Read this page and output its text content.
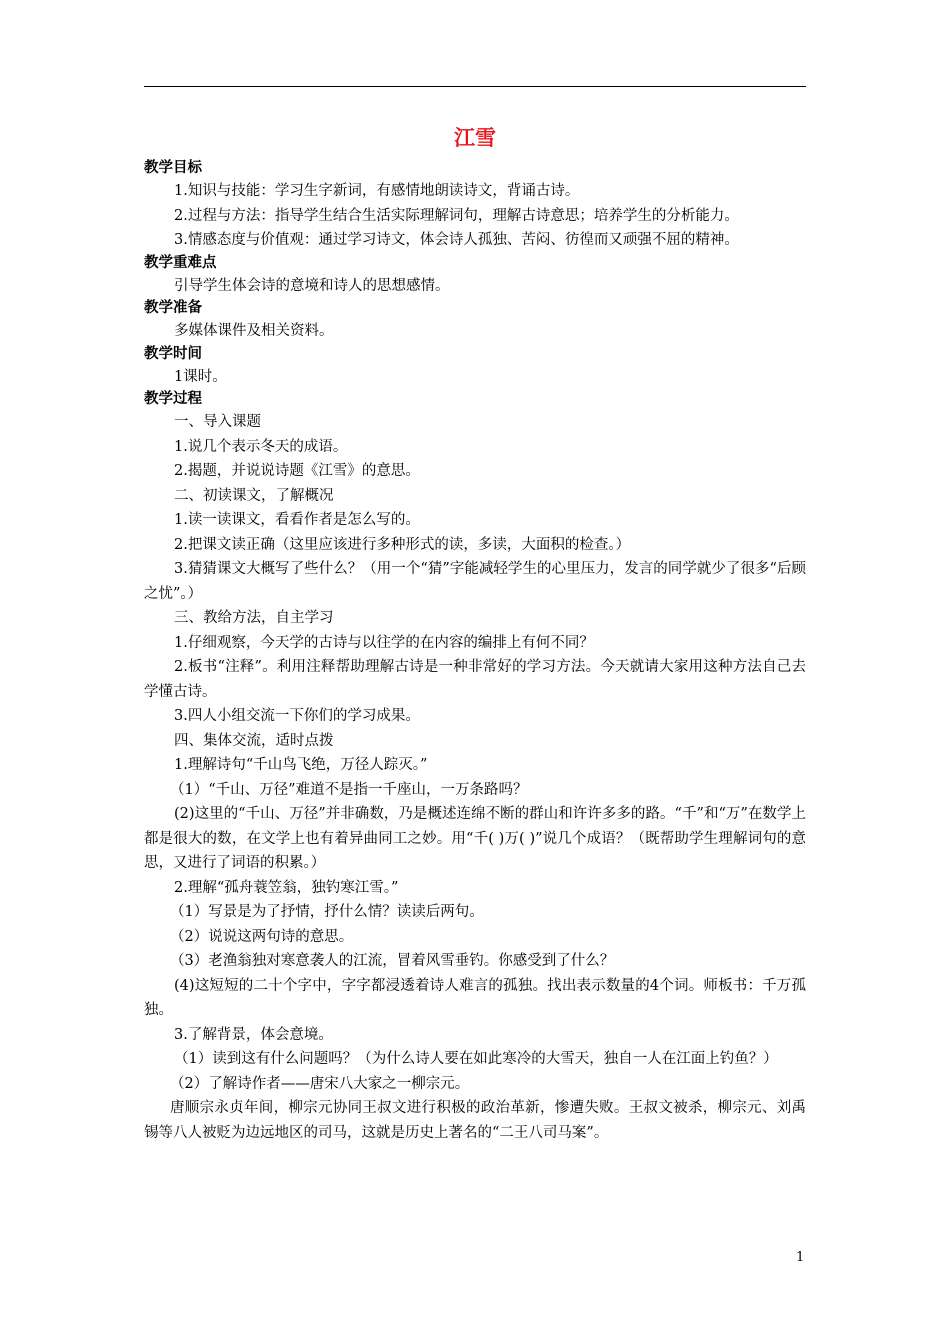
江雪
教学目标
1.知识与技能：学习生字新词，有感情地朗读诗文，背诵古诗。
2.过程与方法：指导学生结合生活实际理解词句，理解古诗意思；培养学生的分析能力。
3.情感态度与价值观：通过学习诗文，体会诗人孤独、苦闷、彷徨而又顽强不屈的精神。
教学重难点
引导学生体会诗的意境和诗人的思想感情。
教学准备
多媒体课件及相关资料。
教学时间
1课时。
教学过程
一、导入课题
1.说几个表示冬天的成语。
2.揭题，并说说诗题《江雪》的意思。
二、初读课文，了解概况
1.读一读课文，看看作者是怎么写的。
2.把课文读正确（这里应该进行多种形式的读，多读，大面积的检查。）
3.猜猜课文大概写了些什么？（用一个“猜”字能减轻学生的心里压力，发言的同学就少了很多“后顾之忧”。）
三、教给方法，自主学习
1.仔细观察，今天学的古诗与以往学的在内容的编排上有何不同？
2.板书“注释”。利用注释帮助理解古诗是一种非常好的学习方法。今天就请大家用这种方法自己去学懂古诗。
3.四人小组交流一下你们的学习成果。
四、集体交流，适时点拨
1.理解诗句“千山鸟飞绝，万径人踪灭。”
（1）“千山、万径”难道不是指一千座山，一万条路吗？
(2)这里的“千山、万径”并非确数，乃是概述连绵不断的群山和许许多多的路。“千”和“万”在数学上都是很大的数，在文学上也有着异曲同工之妙。用“千( )万( )”说几个成语？（既帮助学生理解词句的意思，又进行了词语的积累。）
2.理解“孤舟蓑笠翁，独钓寒江雪。”
（1）写景是为了抒情，抒什么情？读读后两句。
（2）说说这两句诗的意思。
（3）老渔翁独对寒意袭人的江流，冒着风雪垂钓。你感受到了什么？
(4)这短短的二十个字中，字字都浸透着诗人难言的孤独。找出表示数量的4个词。师板书：千万孤独。
3.了解背景，体会意境。
（1）读到这有什么问题吗？（为什么诗人要在如此寒冷的大雪天，独自一人在江面上钓鱼？）
（2）了解诗作者——唐宋八大家之一柳宗元。
唐顺宗永贞年间，柳宗元协同王叔文进行积极的政治革新，惨遭失败。王叔文被杀，柳宗元、刘禹锡等八人被贬为边远地区的司马，这就是历史上著名的“二王八司马案”。
1
